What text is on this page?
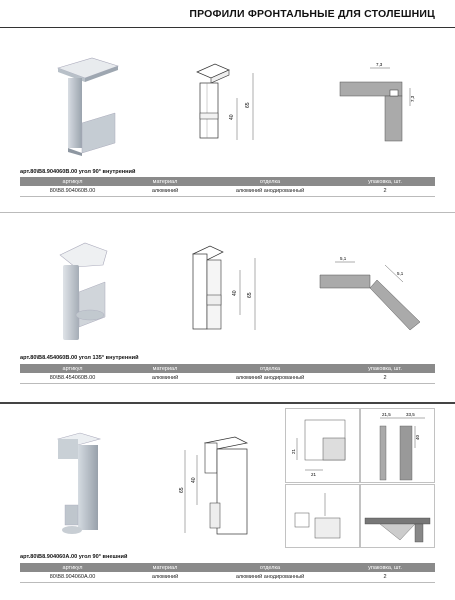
ПРОФИЛИ ФРОНТАЛЬНЫЕ ДЛЯ СТОЛЕШНИЦ
40
65
7,3
7,3
арт.80\B8.904060B.00 угол 90° внутренний
артикул	материал	отделка	упаковка, шт.
80\B8.904060B.00	алюминий	алюминий анодированный	2
40 65
5,1
5,1
арт.80\B8.454060B.00 угол 135° внутренний
артикул	материал	отделка	упаковка, шт.
80\B8.454060B.00	алюминий	алюминий анодированный	2
40
65
21
21
21,5	33,5
40
арт.80\B8.904060A.00 угол 90° внешний
артикул	материал	отделка	упаковка, шт.
80\B8.904060A.00	алюминий	алюминий анодированный	2
